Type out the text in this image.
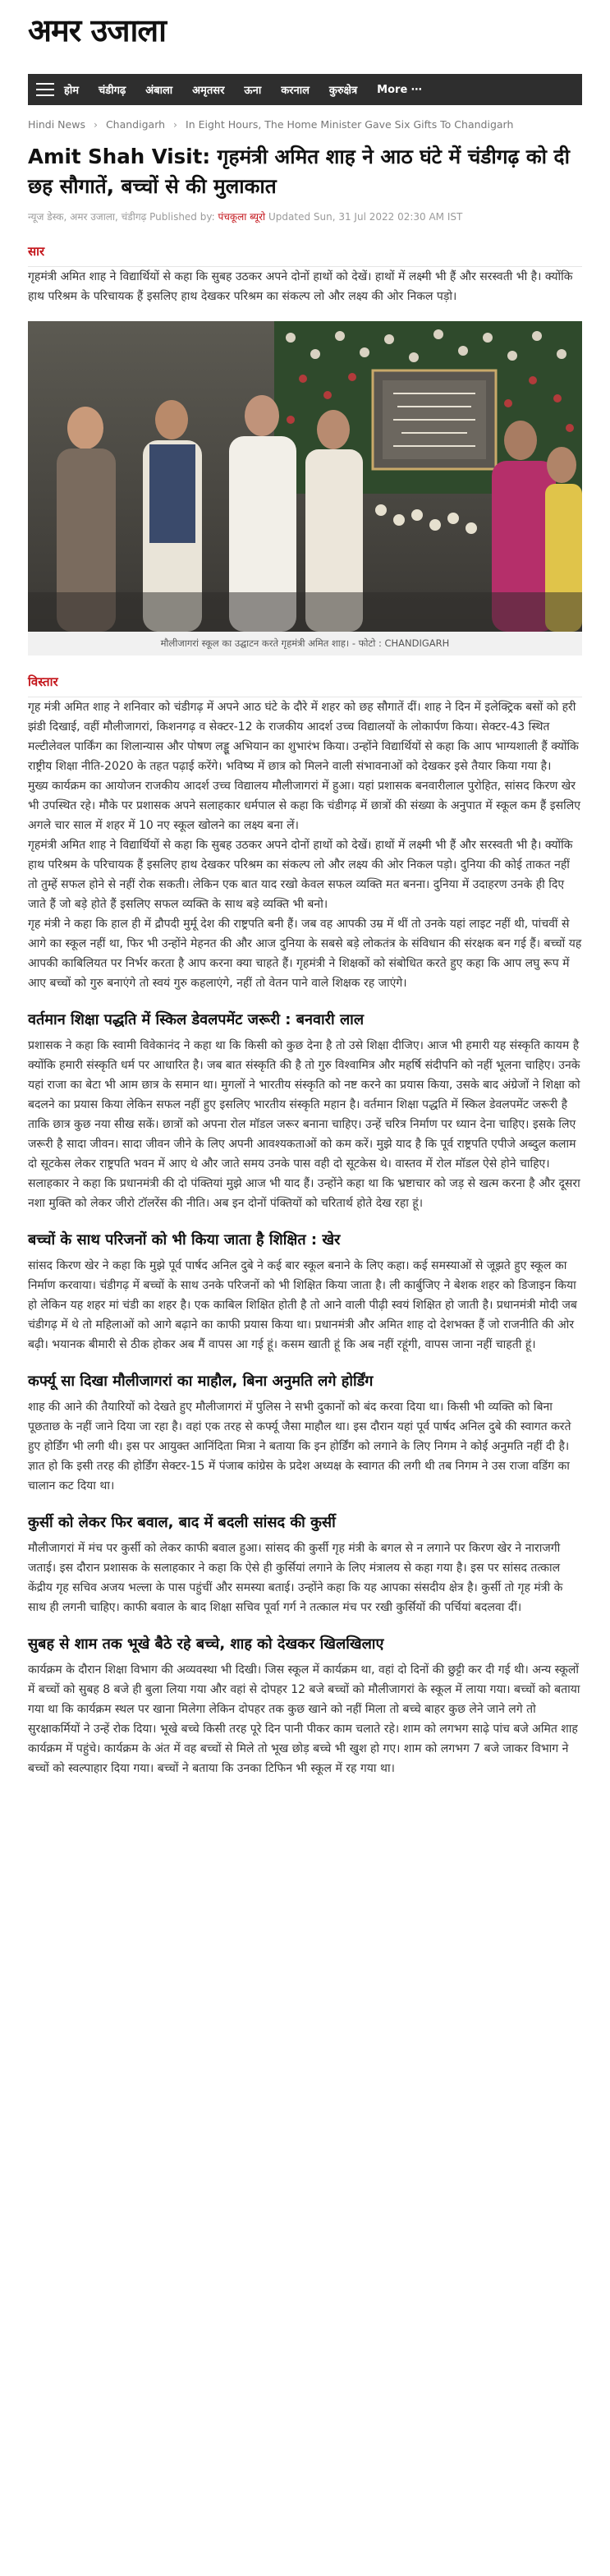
अमर उजाला
होम चंडीगढ़ अंबाला अमृतसर ऊना करनाल कुरुक्षेत्र More ⋯
Hindi News › Chandigarh › In Eight Hours, The Home Minister Gave Six Gifts To Chandigarh
Amit Shah Visit: गृहमंत्री अमित शाह ने आठ घंटे में चंडीगढ़ को दी छह सौगातें, बच्चों से की मुलाकात
न्यूज डेस्क, अमर उजाला, चंडीगढ़ Published by: पंचकूला ब्यूरो Updated Sun, 31 Jul 2022 02:30 AM IST
सार

गृहमंत्री अमित शाह ने विद्यार्थियों से कहा कि सुबह उठकर अपने दोनों हाथों को देखें। हाथों में लक्ष्मी भी हैं और सरस्वती भी है। क्योंकि हाथ परिश्रम के परिचायक हैं इसलिए हाथ देखकर परिश्रम का संकल्प लो और लक्ष्य की ओर निकल पड़ो।

मौलीजागरां स्कूल का उद्घाटन करते गृहमंत्री अमित शाह। - फोटो : CHANDIGARH
विस्तार

गृह मंत्री अमित शाह ने शनिवार को चंडीगढ़ में अपने आठ घंटे के दौरे में शहर को छह सौगातें दीं। शाह ने दिन में इलेक्ट्रिक बसों को हरी झंडी दिखाई, वहीं मौलीजागरां, किशनगढ़ व सेक्टर-12 के राजकीय आदर्श उच्च विद्यालयों के लोकार्पण किया। सेक्टर-43 स्थित मल्टीलेवल पार्किंग का शिलान्यास और पोषण लड्डू अभियान का शुभारंभ किया। उन्होंने विद्यार्थियों से कहा कि आप भाग्यशाली हैं क्योंकि राष्ट्रीय शिक्षा नीति-2020 के तहत पढ़ाई करेंगे। भविष्य में छात्र को मिलने वाली संभावनाओं को देखकर इसे तैयार किया गया है।

मुख्य कार्यक्रम का आयोजन राजकीय आदर्श उच्च विद्यालय मौलीजागरां में हुआ। यहां प्रशासक बनवारीलाल पुरोहित, सांसद किरण खेर भी उपस्थित रहे। मौके पर प्रशासक अपने सलाहकार धर्मपाल से कहा कि चंडीगढ़ में छात्रों की संख्या के अनुपात में स्कूल कम हैं इसलिए अगले चार साल में शहर में 10 नए स्कूल खोलने का लक्ष्य बना लें।

गृहमंत्री अमित शाह ने विद्यार्थियों से कहा कि सुबह उठकर अपने दोनों हाथों को देखें। हाथों में लक्ष्मी भी हैं और सरस्वती भी है। क्योंकि हाथ परिश्रम के परिचायक हैं इसलिए हाथ देखकर परिश्रम का संकल्प लो और लक्ष्य की ओर निकल पड़ो। दुनिया की कोई ताकत नहीं तो तुम्हें सफल होने से नहीं रोक सकती। लेकिन एक बात याद रखो केवल सफल व्यक्ति मत बनना। दुनिया में उदाहरण उनके ही दिए जाते हैं जो बड़े होते हैं इसलिए सफल व्यक्ति के साथ बड़े व्यक्ति भी बनो।

गृह मंत्री ने कहा कि हाल ही में द्रौपदी मुर्मू देश की राष्ट्रपति बनी हैं। जब वह आपकी उम्र में थीं तो उनके यहां लाइट नहीं थी, पांचवीं से आगे का स्कूल नहीं था, फिर भी उन्होंने मेहनत की और आज दुनिया के सबसे बड़े लोकतंत्र के संविधान की संरक्षक बन गई हैं। बच्चों यह आपकी काबिलियत पर निर्भर करता है आप करना क्या चाहते हैं। गृहमंत्री ने शिक्षकों को संबोधित करते हुए कहा कि आप लघु रूप में आए बच्चों को गुरु बनाएंगे तो स्वयं गुरु कहलाएंगे, नहीं तो वेतन पाने वाले शिक्षक रह जाएंगे।

वर्तमान शिक्षा पद्धति में स्किल डेवलपमेंट जरूरी : बनवारी लाल

प्रशासक ने कहा कि स्वामी विवेकानंद ने कहा था कि किसी को कुछ देना है तो उसे शिक्षा दीजिए। आज भी हमारी यह संस्कृति कायम है क्योंकि हमारी संस्कृति धर्म पर आधारित है। जब बात संस्कृति की है तो गुरु विश्वामित्र और महर्षि संदीपनि को नहीं भूलना चाहिए। उनके यहां राजा का बेटा भी आम छात्र के समान था। मुगलों ने भारतीय संस्कृति को नष्ट करने का प्रयास किया, उसके बाद अंग्रेजों ने शिक्षा को बदलने का प्रयास किया लेकिन सफल नहीं हुए इसलिए भारतीय संस्कृति महान है। वर्तमान शिक्षा पद्धति में स्किल डेवलपमेंट जरूरी है ताकि छात्र कुछ नया सीख सकें। छात्रों को अपना रोल मॉडल जरूर बनाना चाहिए। उन्हें चरित्र निर्माण पर ध्यान देना चाहिए। इसके लिए जरूरी है सादा जीवन। सादा जीवन जीने के लिए अपनी आवश्यकताओं को कम करें। मुझे याद है कि पूर्व राष्ट्रपति एपीजे अब्दुल कलाम दो सूटकेस लेकर राष्ट्रपति भवन में आए थे और जाते समय उनके पास वही दो सूटकेस थे। वास्तव में रोल मॉडल ऐसे होने चाहिए। सलाहकार ने कहा कि प्रधानमंत्री की दो पंक्तियां मुझे आज भी याद हैं। उन्होंने कहा था कि भ्रष्टाचार को जड़ से खत्म करना है और दूसरा नशा मुक्ति को लेकर जीरो टॉलरेंस की नीति। अब इन दोनों पंक्तियों को चरितार्थ होते देख रहा हूं।

बच्चों के साथ परिजनों को भी किया जाता है शिक्षित : खेर

सांसद किरण खेर ने कहा कि मुझे पूर्व पार्षद अनिल दुबे ने कई बार स्कूल बनाने के लिए कहा। कई समस्याओं से जूझते हुए स्कूल का निर्माण करवाया। चंडीगढ़ में बच्चों के साथ उनके परिजनों को भी शिक्षित किया जाता है। ली कार्बुजिए ने बेशक शहर को डिजाइन किया हो लेकिन यह शहर मां चंडी का शहर है। एक काबिल शिक्षित होती है तो आने वाली पीढ़ी स्वयं शिक्षित हो जाती है। प्रधानमंत्री मोदी जब चंडीगढ़ में थे तो महिलाओं को आगे बढ़ाने का काफी प्रयास किया था। प्रधानमंत्री और अमित शाह दो देशभक्त हैं जो राजनीति की ओर बढ़ी। भयानक बीमारी से ठीक होकर अब मैं वापस आ गई हूं। कसम खाती हूं कि अब नहीं रहूंगी, वापस जाना नहीं चाहती हूं।

कर्फ्यू सा दिखा मौलीजागरां का माहौल, बिना अनुमति लगे होर्डिंग

शाह की आने की तैयारियों को देखते हुए मौलीजागरां में पुलिस ने सभी दुकानों को बंद करवा दिया था। किसी भी व्यक्ति को बिना पूछताछ के नहीं जाने दिया जा रहा है। वहां एक तरह से कर्फ्यू जैसा माहौल था। इस दौरान यहां पूर्व पार्षद अनिल दुबे की स्वागत करते हुए होर्डिंग भी लगी थी। इस पर आयुक्त आनिंदिता मित्रा ने बताया कि इन होर्डिंग को लगाने के लिए निगम ने कोई अनुमति नहीं दी है। ज्ञात हो कि इसी तरह की होर्डिंग सेक्टर-15 में पंजाब कांग्रेस के प्रदेश अध्यक्ष के स्वागत की लगी थी तब निगम ने उस राजा वडिंग का चालान कट दिया था।

कुर्सी को लेकर फिर बवाल, बाद में बदली सांसद की कुर्सी

मौलीजागरां में मंच पर कुर्सी को लेकर काफी बवाल हुआ। सांसद की कुर्सी गृह मंत्री के बगल से न लगाने पर किरण खेर ने नाराजगी जताई। इस दौरान प्रशासक के सलाहकार ने कहा कि ऐसे ही कुर्सियां लगाने के लिए मंत्रालय से कहा गया है। इस पर सांसद तत्काल केंद्रीय गृह सचिव अजय भल्ला के पास पहुंचीं और समस्या बताई। उन्होंने कहा कि यह आपका संसदीय क्षेत्र है। कुर्सी तो गृह मंत्री के साथ ही लगनी चाहिए। काफी बवाल के बाद शिक्षा सचिव पूर्वा गर्ग ने तत्काल मंच पर रखी कुर्सियों की पर्चियां बदलवा दीं।

सुबह से शाम तक भूखे बैठे रहे बच्चे, शाह को देखकर खिलखिलाए

कार्यक्रम के दौरान शिक्षा विभाग की अव्यवस्था भी दिखी। जिस स्कूल में कार्यक्रम था, वहां दो दिनों की छुट्टी कर दी गई थी। अन्य स्कूलों में बच्चों को सुबह 8 बजे ही बुला लिया गया और वहां से दोपहर 12 बजे बच्चों को मौलीजागरां के स्कूल में लाया गया। बच्चों को बताया गया था कि कार्यक्रम स्थल पर खाना मिलेगा लेकिन दोपहर तक कुछ खाने को नहीं मिला तो बच्चे बाहर कुछ लेने जाने लगे तो सुरक्षाकर्मियों ने उन्हें रोक दिया। भूखे बच्चे किसी तरह पूरे दिन पानी पीकर काम चलाते रहे। शाम को लगभग साढ़े पांच बजे अमित शाह कार्यक्रम में पहुंचे। कार्यक्रम के अंत में वह बच्चों से मिले तो भूख छोड़ बच्चे भी खुश हो गए। शाम को लगभग 7 बजे जाकर विभाग ने बच्चों को स्वल्पाहार दिया गया। बच्चों ने बताया कि उनका टिफिन भी स्कूल में रह गया था।
